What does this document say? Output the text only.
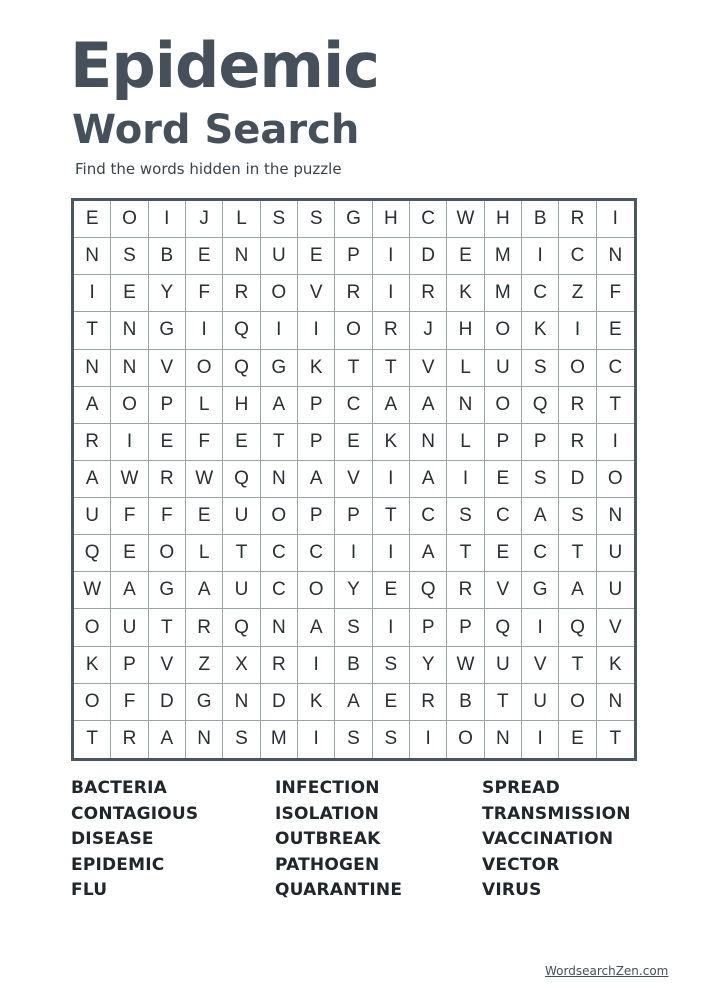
Epidemic
Word Search
Find the words hidden in the puzzle
E	O	I	J	L	S	S	G	H	C	W	H	B	R	I
N	S	B	E	N	U	E	P	I	D	E	M	I	C	N
I	E	Y	F	R	O	V	R	I	R	K	M	C	Z	F
T	N	G	I	Q	I	I	O	R	J	H	O	K	I	E
N	N	V	O	Q	G	K	T	T	V	L	U	S	O	C
A	O	P	L	H	A	P	C	A	A	N	O	Q	R	T
R	I	E	F	E	T	P	E	K	N	L	P	P	R	I
A	W	R	W	Q	N	A	V	I	A	I	E	S	D	O
U	F	F	E	U	O	P	P	T	C	S	C	A	S	N
Q	E	O	L	T	C	C	I	I	A	T	E	C	T	U
W	A	G	A	U	C	O	Y	E	Q	R	V	G	A	U
O	U	T	R	Q	N	A	S	I	P	P	Q	I	Q	V
K	P	V	Z	X	R	I	B	S	Y	W	U	V	T	K
O	F	D	G	N	D	K	A	E	R	B	T	U	O	N
T	R	A	N	S	M	I	S	S	I	O	N	I	E	T
BACTERIA
CONTAGIOUS
DISEASE
EPIDEMIC
FLU
INFECTION
ISOLATION
OUTBREAK
PATHOGEN
QUARANTINE
SPREAD
TRANSMISSION
VACCINATION
VECTOR
VIRUS
WordsearchZen.com
